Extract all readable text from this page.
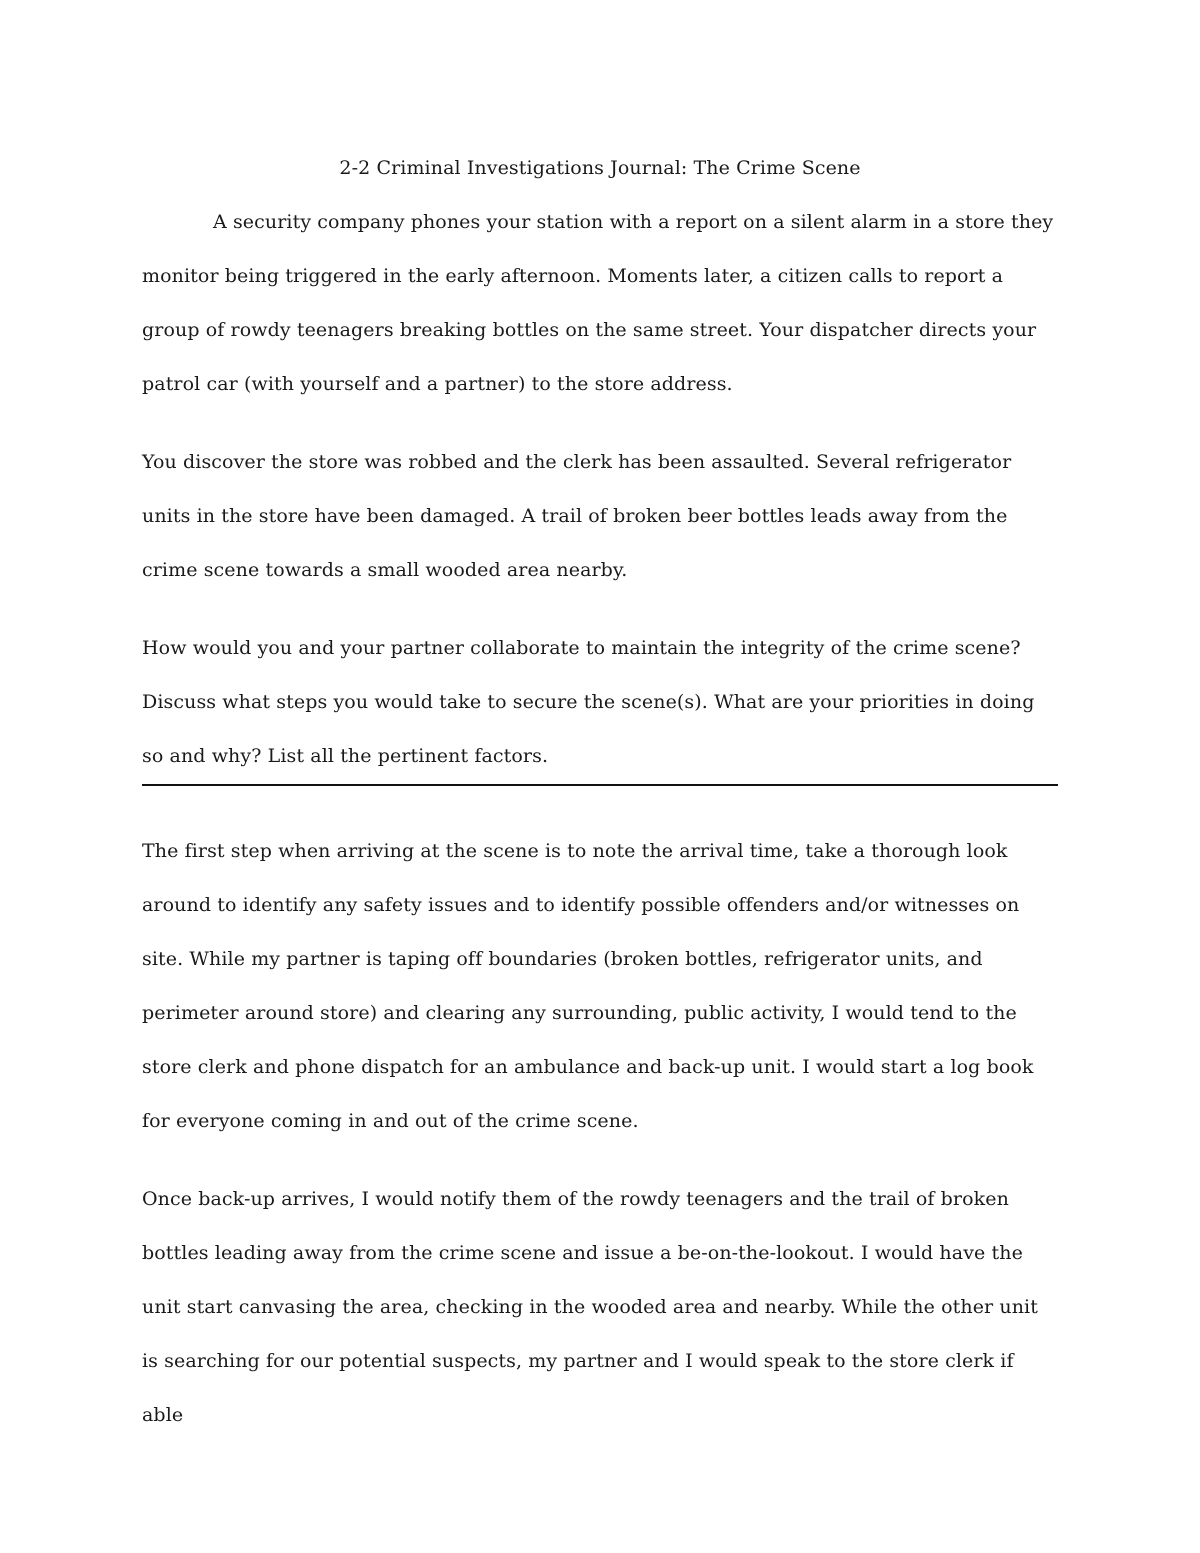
2-2 Criminal Investigations Journal: The Crime Scene

A security company phones your station with a report on a silent alarm in a store they monitor being triggered in the early afternoon. Moments later, a citizen calls to report a group of rowdy teenagers breaking bottles on the same street. Your dispatcher directs your patrol car (with yourself and a partner) to the store address.

You discover the store was robbed and the clerk has been assaulted. Several refrigerator units in the store have been damaged. A trail of broken beer bottles leads away from the crime scene towards a small wooded area nearby.

How would you and your partner collaborate to maintain the integrity of the crime scene? Discuss what steps you would take to secure the scene(s). What are your priorities in doing so and why? List all the pertinent factors.

The first step when arriving at the scene is to note the arrival time, take a thorough look around to identify any safety issues and to identify possible offenders and/or witnesses on site. While my partner is taping off boundaries (broken bottles, refrigerator units, and perimeter around store) and clearing any surrounding, public activity, I would tend to the store clerk and phone dispatch for an ambulance and back-up unit. I would start a log book for everyone coming in and out of the crime scene.

Once back-up arrives, I would notify them of the rowdy teenagers and the trail of broken bottles leading away from the crime scene and issue a be-on-the-lookout. I would have the unit start canvasing the area, checking in the wooded area and nearby. While the other unit is searching for our potential suspects, my partner and I would speak to the store clerk if able
